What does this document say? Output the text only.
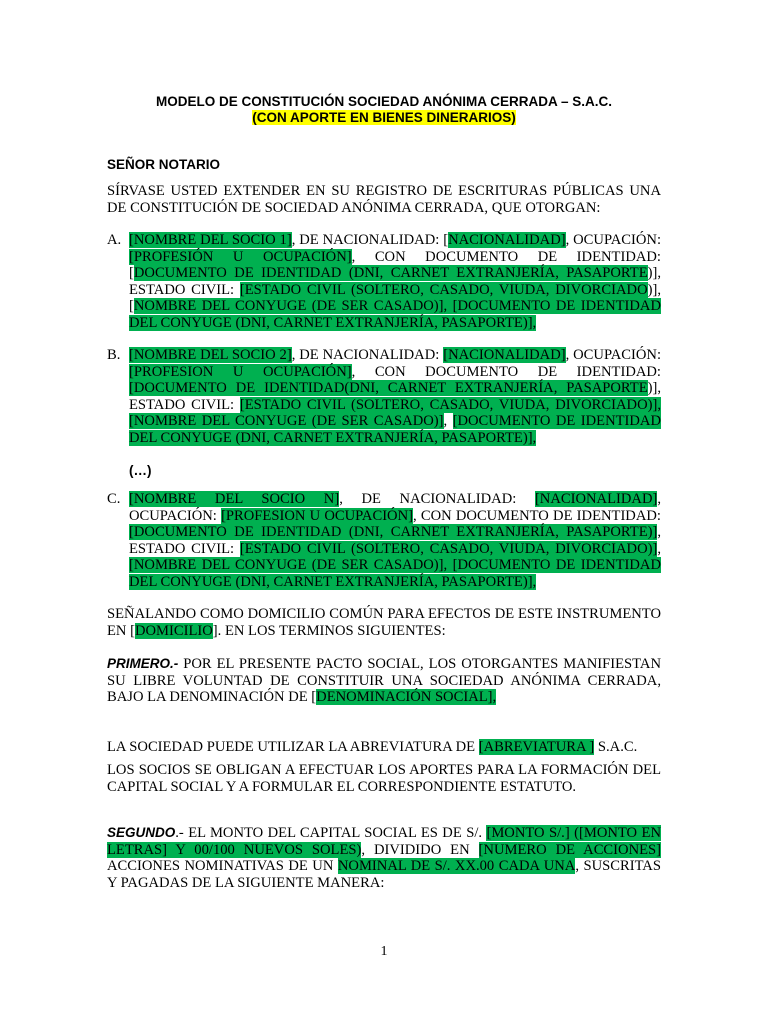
MODELO DE CONSTITUCIÓN SOCIEDAD ANÓNIMA CERRADA – S.A.C.
(CON APORTE EN BIENES DINERARIOS)
SEÑOR NOTARIO
SÍRVASE USTED EXTENDER EN SU REGISTRO DE ESCRITURAS PÚBLICAS UNA DE CONSTITUCIÓN DE SOCIEDAD ANÓNIMA CERRADA, QUE OTORGAN:
A. [NOMBRE DEL SOCIO 1], DE NACIONALIDAD: [NACIONALIDAD], OCUPACIÓN: [PROFESIÓN U OCUPACIÓN], CON DOCUMENTO DE IDENTIDAD: [DOCUMENTO DE IDENTIDAD (DNI, CARNET EXTRANJERÍA, PASAPORTE)], ESTADO CIVIL: [ESTADO CIVIL (SOLTERO, CASADO, VIUDA, DIVORCIADO)], [NOMBRE DEL CONYUGE (DE SER CASADO)], [DOCUMENTO DE IDENTIDAD DEL CONYUGE (DNI, CARNET EXTRANJERÍA, PASAPORTE)],
B. [NOMBRE DEL SOCIO 2], DE NACIONALIDAD: [NACIONALIDAD], OCUPACIÓN: [PROFESION U OCUPACIÓN], CON DOCUMENTO DE IDENTIDAD: [DOCUMENTO DE IDENTIDAD(DNI, CARNET EXTRANJERÍA, PASAPORTE)], ESTADO CIVIL: [ESTADO CIVIL (SOLTERO, CASADO, VIUDA, DIVORCIADO)],[NOMBRE DEL CONYUGE (DE SER CASADO)], [DOCUMENTO DE IDENTIDAD DEL CONYUGE (DNI, CARNET EXTRANJERÍA, PASAPORTE)],
(…)
C. [NOMBRE DEL SOCIO N], DE NACIONALIDAD: [NACIONALIDAD], OCUPACIÓN: [PROFESION U OCUPACIÓN], CON DOCUMENTO DE IDENTIDAD: [DOCUMENTO DE IDENTIDAD (DNI, CARNET EXTRANJERÍA, PASAPORTE)], ESTADO CIVIL: [ESTADO CIVIL (SOLTERO, CASADO, VIUDA, DIVORCIADO)], [NOMBRE DEL CONYUGE (DE SER CASADO)], [DOCUMENTO DE IDENTIDAD DEL CONYUGE (DNI, CARNET EXTRANJERÍA, PASAPORTE)],
SEÑALANDO COMO DOMICILIO COMÚN PARA EFECTOS DE ESTE INSTRUMENTO EN [DOMICILIO]. EN LOS TERMINOS SIGUIENTES:
PRIMERO.- POR EL PRESENTE PACTO SOCIAL, LOS OTORGANTES MANIFIESTAN SU LIBRE VOLUNTAD DE CONSTITUIR UNA SOCIEDAD ANÓNIMA CERRADA, BAJO LA DENOMINACIÓN DE [DENOMINACIÓN SOCIAL],
LA SOCIEDAD PUEDE UTILIZAR LA ABREVIATURA DE [ABREVIATURA ] S.A.C.
LOS SOCIOS SE OBLIGAN A EFECTUAR LOS APORTES PARA LA FORMACIÓN DEL CAPITAL SOCIAL Y A FORMULAR EL CORRESPONDIENTE ESTATUTO.
SEGUNDO.- EL MONTO DEL CAPITAL SOCIAL ES DE S/. [MONTO S/.] ([MONTO EN LETRAS] Y 00/100 NUEVOS SOLES), DIVIDIDO EN [NUMERO DE ACCIONES] ACCIONES NOMINATIVAS DE UN NOMINAL DE S/. XX.00 CADA UNA, SUSCRITAS Y PAGADAS DE LA SIGUIENTE MANERA:
1
